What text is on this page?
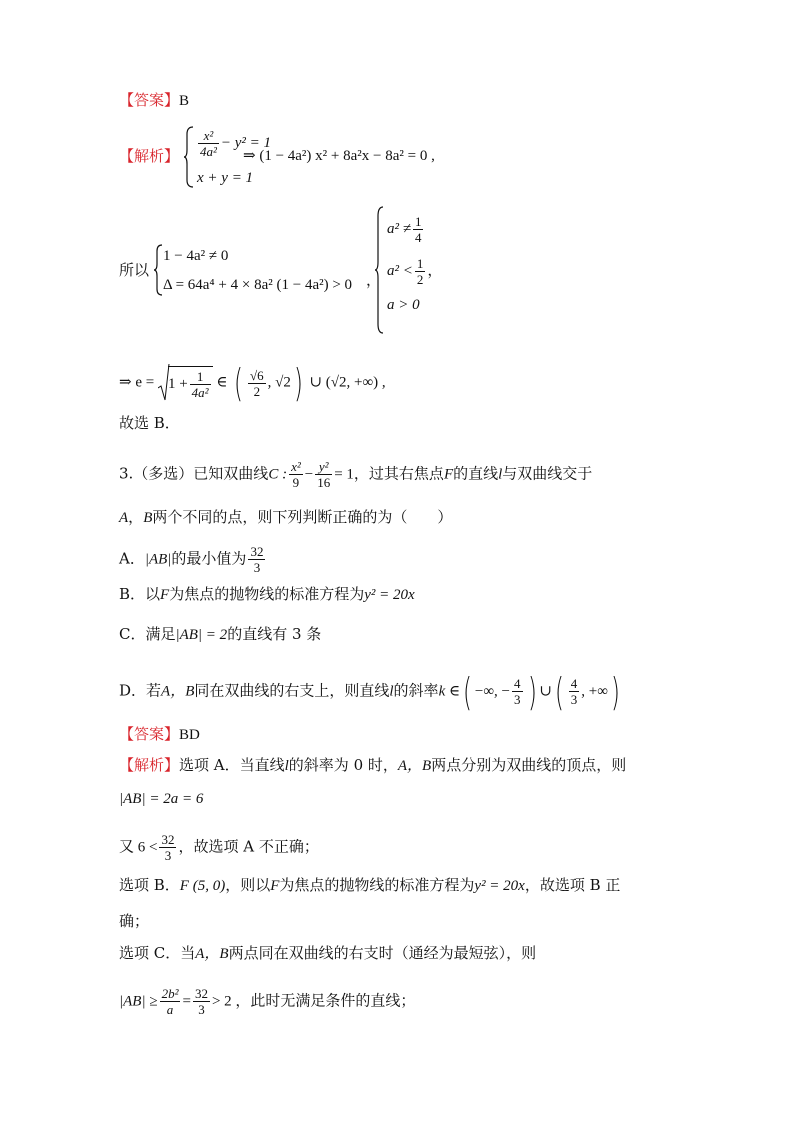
【答案】B
【解析】 $\frac{\text{x²}}{\text{4a²}} - y^2 = 1$
⇒ (1 − 4a²) x² + 8a²x − 8a² = 0 ,
x + y = 1
所以
1 − 4a² ≠ 0
Δ = 64a⁴ + 4 × 8a² (1 − 4a²) > 0 ，
$a^2 \ne \frac{1}{4}$
$a^2 < \frac{1}{2}$ ，
a > 0
⇒ $e = 1 + \frac{1}{\text{4a²}}$ ∈ ( $\frac{√6}{2}$ , √2) ∪ (√2, +∞) ,
故选 B．
3.（多选）已知双曲线C : $\frac{\text{x²}}{9} - \frac{\text{y²}}{16} = 1$，过其右焦点F的直线l与双曲线交于
A，B两个不同的点，则下列判断正确的为（　　）
A．|AB|的最小值为 $\frac{32}{3}$
B．以F为焦点的抛物线的标准方程为y² = 20x
C．满足|AB| = 2的直线有 3 条
D．若A，B同在双曲线的右支上，则直线l的斜率k ∈( −∞, − $\frac{4}{3}$ ) ∪( $\frac{4}{3}$ , +∞)
【答案】BD
【解析】选项 A．当直线l的斜率为 0 时，A，B两点分别为双曲线的顶点，则
|AB| = 2a = 6
又 $6 < \frac{32}{3}$ ，故选项 A 不正确；
选项 B．F (5, 0)，则以F为焦点的抛物线的标准方程为y² = 20x，故选项 B 正
确；
选项 C．当A，B两点同在双曲线的右支时（通经为最短弦），则
$|AB| \ge \frac{\text{2b²}}{a} = \frac{32}{3} > 2$ ，此时无满足条件的直线；
